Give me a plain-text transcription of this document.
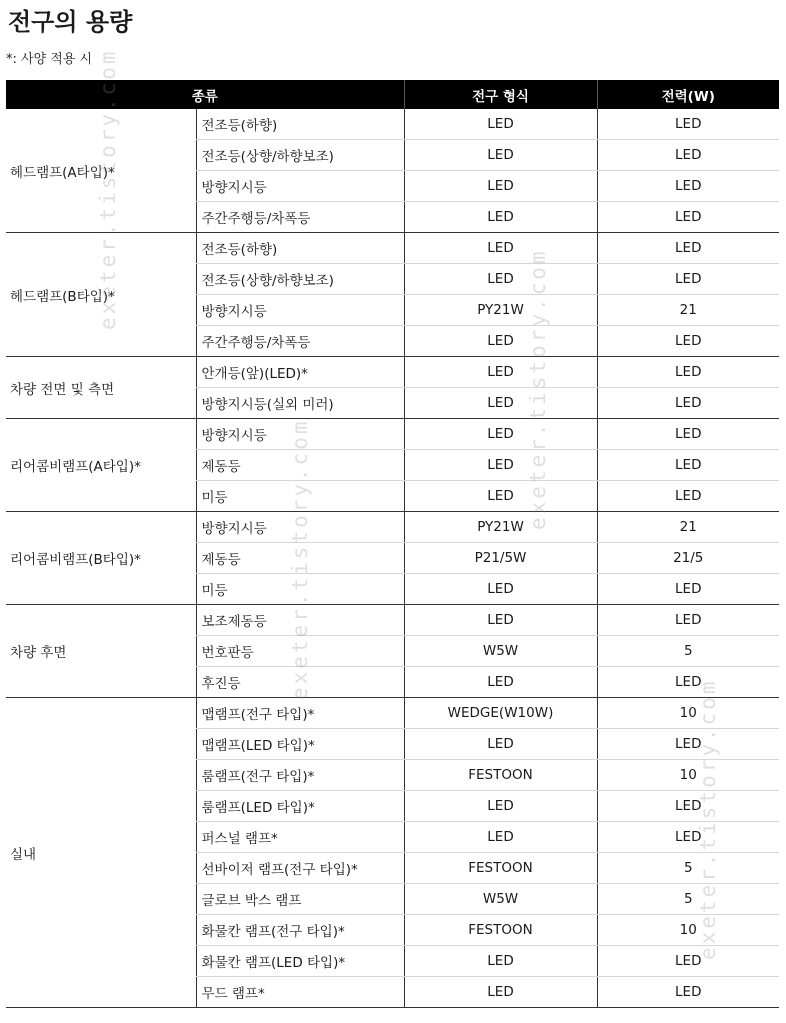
전구의 용량
*: 사양 적용 시
종류		전구 형식	전력(W)
헤드램프(A타입)*	전조등(하향)	LED	LED
	전조등(상향/하향보조)	LED	LED
	방향지시등	LED	LED
	주간주행등/차폭등	LED	LED
헤드램프(B타입)*	전조등(하향)	LED	LED
	전조등(상향/하향보조)	LED	LED
	방향지시등	PY21W	21
	주간주행등/차폭등	LED	LED
차량 전면 및 측면	안개등(앞)(LED)*	LED	LED
	방향지시등(실외 미러)	LED	LED
리어콤비램프(A타입)*	방향지시등	LED	LED
	제동등	LED	LED
	미등	LED	LED
리어콤비램프(B타입)*	방향지시등	PY21W	21
	제동등	P21/5W	21/5
	미등	LED	LED
차량 후면	보조제동등	LED	LED
	번호판등	W5W	5
	후진등	LED	LED
실내	맵램프(전구 타입)*	WEDGE(W10W)	10
	맵램프(LED 타입)*	LED	LED
	룸램프(전구 타입)*	FESTOON	10
	룸램프(LED 타입)*	LED	LED
	퍼스널 램프*	LED	LED
	선바이저 램프(전구 타입)*	FESTOON	5
	글로브 박스 램프	W5W	5
	화물칸 램프(전구 타입)*	FESTOON	10
	화물칸 램프(LED 타입)*	LED	LED
	무드 램프*	LED	LED
exeter.tistory.com
exeter.tistory.com
exeter.tistory.com
exeter.tistory.com
